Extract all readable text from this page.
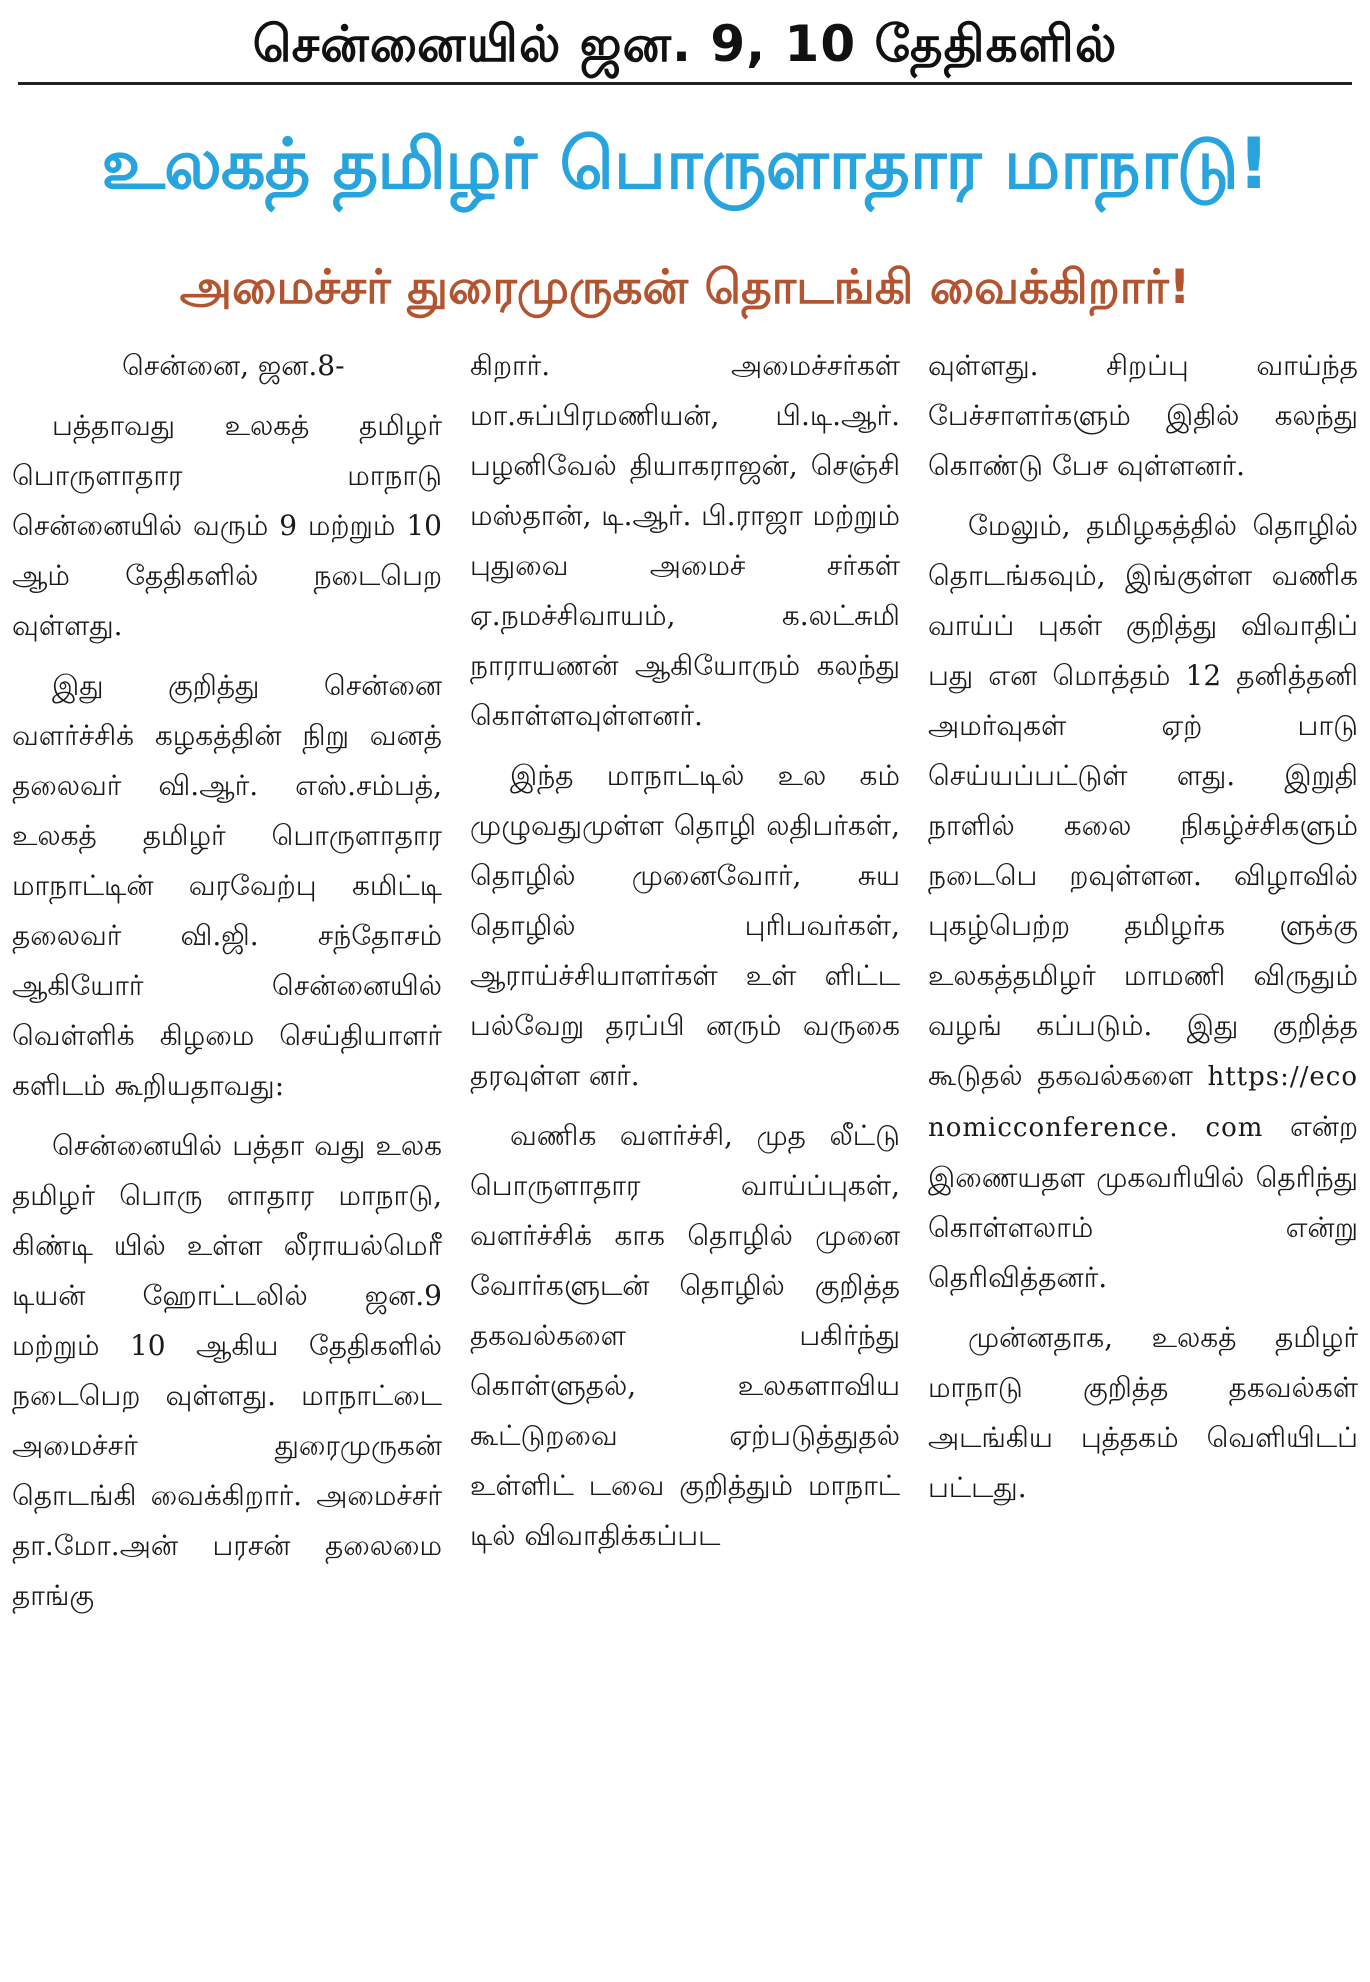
சென்னையில் ஜன. 9, 10 தேதிகளில்
உலகத் தமிழர் பொருளாதார மாநாடு!
அமைச்சர் துரைமுருகன் தொடங்கி வைக்கிறார்!

சென்னை, ஜன.8-

பத்தாவது உலகத் தமிழர் பொருளாதார மாநாடு சென்னையில் வரும் 9 மற்றும் 10 ஆம் தேதிகளில் நடைபெற வுள்ளது.

இது குறித்து சென்னை வளர்ச்சிக் கழகத்தின் நிறு வனத் தலைவர் வி.ஆர். எஸ்.சம்பத், உலகத் தமிழர் பொருளாதார மாநாட்டின் வரவேற்பு கமிட்டி தலைவர் வி.ஜி. சந்தோசம் ஆகியோர் சென்னையில் வெள்ளிக் கிழமை செய்தியாளர் களிடம் கூறியதாவது:

சென்னையில் பத்தா வது உலக தமிழர் பொரு ளாதார மாநாடு, கிண்டி யில் உள்ள லீராயல்மெரீ டியன் ஹோட்டலில் ஜன.9 மற்றும் 10 ஆகிய தேதிகளில் நடைபெற வுள்ளது. மாநாட்டை அமைச்சர் துரைமுருகன் தொடங்கி வைக்கிறார். அமைச்சர் தா.மோ.அன் பரசன் தலைமை தாங்கு

கிறார். அமைச்சர்கள் மா.சுப்பிரமணியன், பி.டி.ஆர். பழனிவேல் தியாகராஜன், செஞ்சி மஸ்தான், டி.ஆர். பி.ராஜா மற்றும் புதுவை அமைச் சர்கள் ஏ.நமச்சிவாயம், க.லட்சுமி நாராயணன் ஆகியோரும் கலந்து கொள்ளவுள்ளனர்.

இந்த மாநாட்டில் உல கம் முழுவதுமுள்ள தொழி லதிபர்கள், தொழில் முனைவோர், சுய தொழில் புரிபவர்கள், ஆராய்ச்சியாளர்கள் உள் ளிட்ட பல்வேறு தரப்பி னரும் வருகை தரவுள்ள னர்.

வணிக வளர்ச்சி, முத லீட்டு பொருளாதார வாய்ப்புகள், வளர்ச்சிக் காக தொழில் முனை வோர்களுடன் தொழில் குறித்த தகவல்களை பகிர்ந்து கொள்ளுதல், உலகளாவிய கூட்டுறவை ஏற்படுத்துதல் உள்ளிட் டவை குறித்தும் மாநாட் டில் விவாதிக்கப்பட

வுள்ளது. சிறப்பு வாய்ந்த பேச்சாளர்களும் இதில் கலந்து கொண்டு பேச வுள்ளனர்.

மேலும், தமிழகத்தில் தொழில் தொடங்கவும், இங்குள்ள வணிக வாய்ப் புகள் குறித்து விவாதிப் பது என மொத்தம் 12 தனித்தனி அமர்வுகள் ஏற் பாடு செய்யப்பட்டுள் ளது. இறுதி நாளில் கலை நிகழ்ச்சிகளும் நடைபெ றவுள்ளன. விழாவில் புகழ்பெற்ற தமிழர்க ளுக்கு உலகத்தமிழர் மாமணி விருதும் வழங் கப்படும். இது குறித்த கூடுதல் தகவல்களை https://economicconference. com என்ற இணையதள முகவரியில் தெரிந்து கொள்ளலாம் என்று தெரிவித்தனர்.

முன்னதாக, உலகத் தமிழர் மாநாடு குறித்த தகவல்கள் அடங்கிய புத்தகம் வெளியிடப் பட்டது.
